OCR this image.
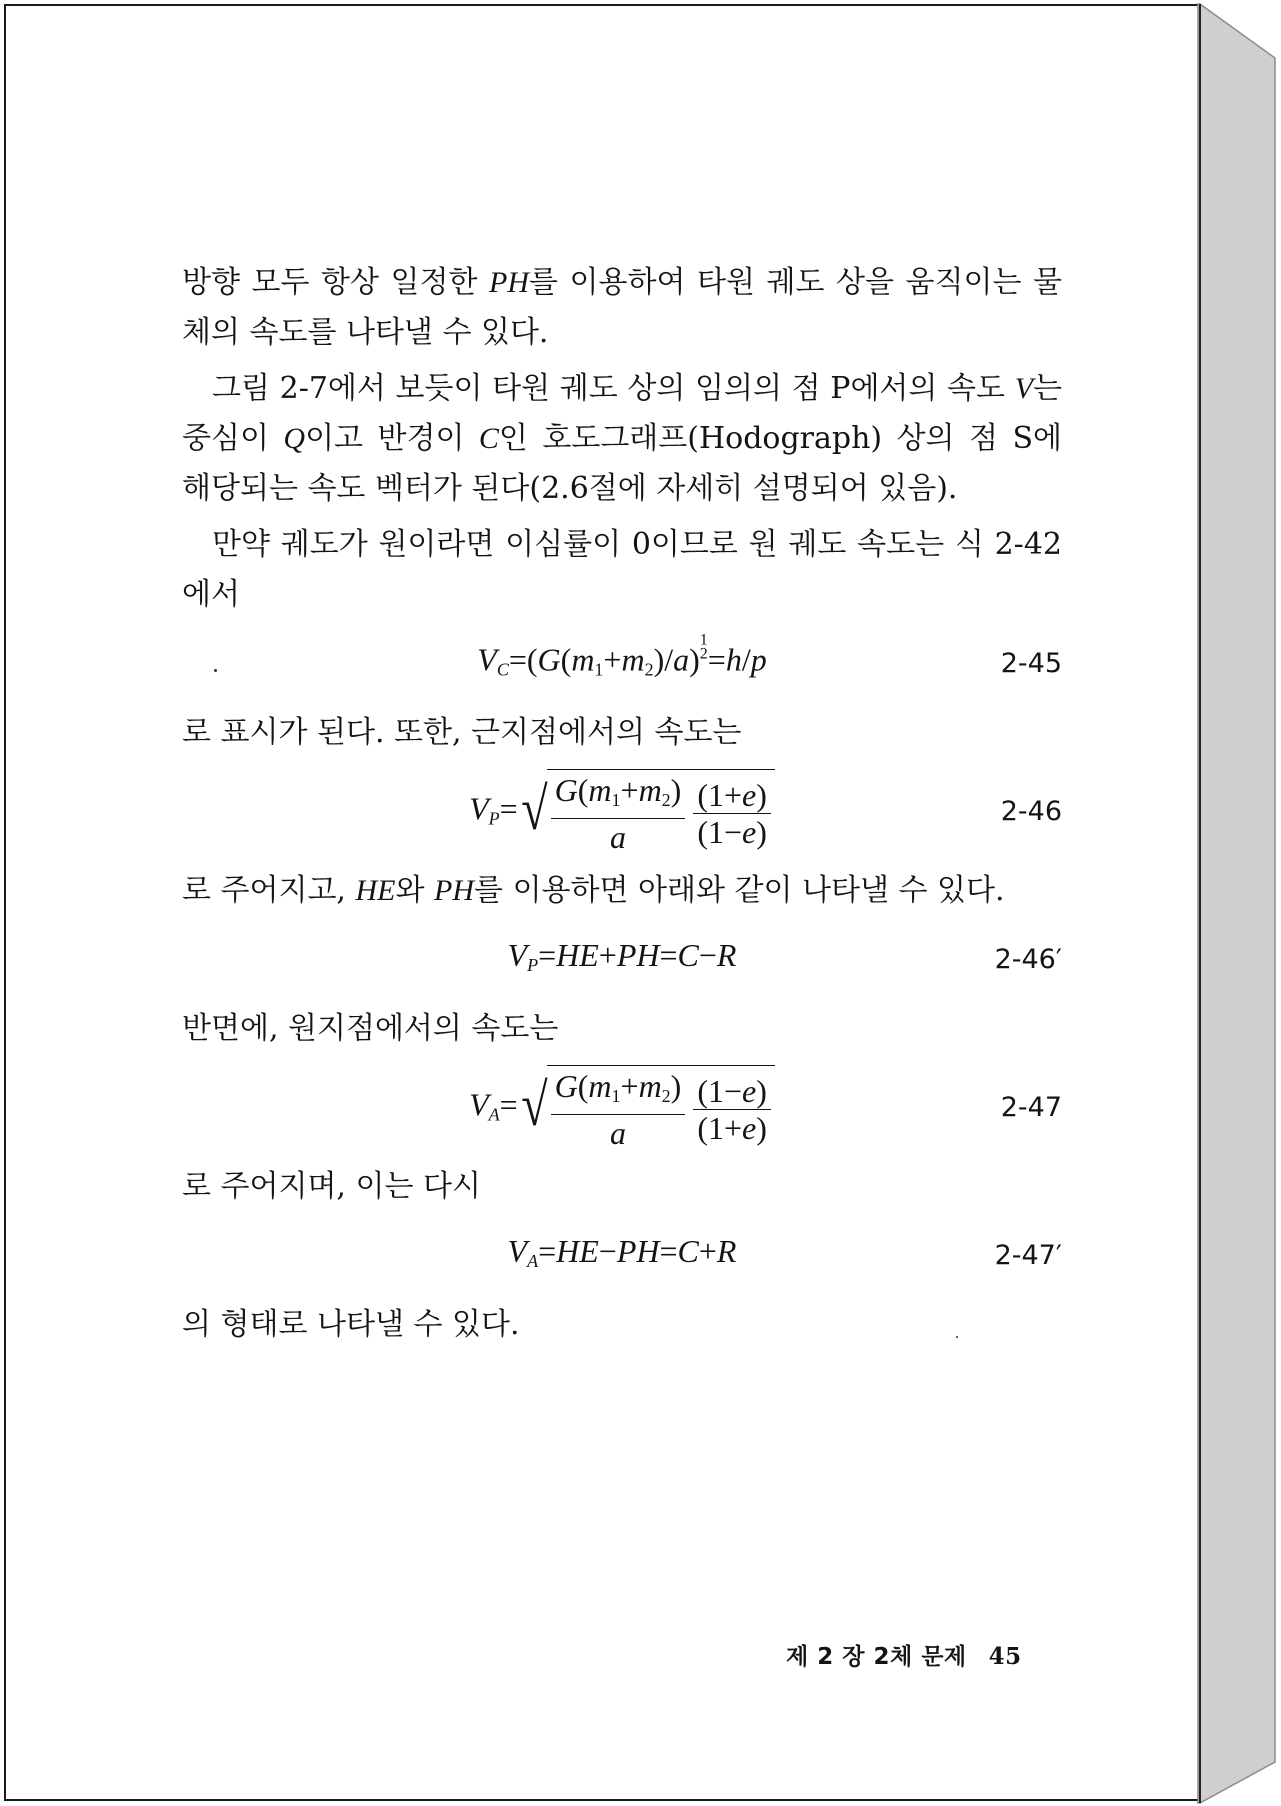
방향 모두 항상 일정한 PH를 이용하여 타원 궤도 상을 움직이는 물체의 속도를 나타낼 수 있다.

그림 2-7에서 보듯이 타원 궤도 상의 임의의 점 P에서의 속도 V는 중심이 Q이고 반경이 C인 호도그래프(Hodograph) 상의 점 S에 해당되는 속도 벡터가 된다(2.6절에 자세히 설명되어 있음).

만약 궤도가 원이라면 이심률이 0이므로 원 궤도 속도는 식 2-42에서

$V_C=(G(m_1+m_2)/a)^{1 2}=h/p$	2-45

로 표시가 된다. 또한, 근지점에서의 속도는

$V_P=$ √ $\frac{G(m_1+m_2)}{a} \frac{(1+e)}{(1-e)}$	2-46

로 주어지고, HE와 PH를 이용하면 아래와 같이 나타낼 수 있다.

$V_P=HE+PH=C-R$	2-46′

반면에, 원지점에서의 속도는

$V_A=$ √ $\frac{G(m_1+m_2)}{a} \frac{(1-e)}{(1+e)}$	2-47

로 주어지며, 이는 다시

$V_A=HE-PH=C+R$	2-47′

의 형태로 나타낼 수 있다.

제 2 장 2체 문제 45
